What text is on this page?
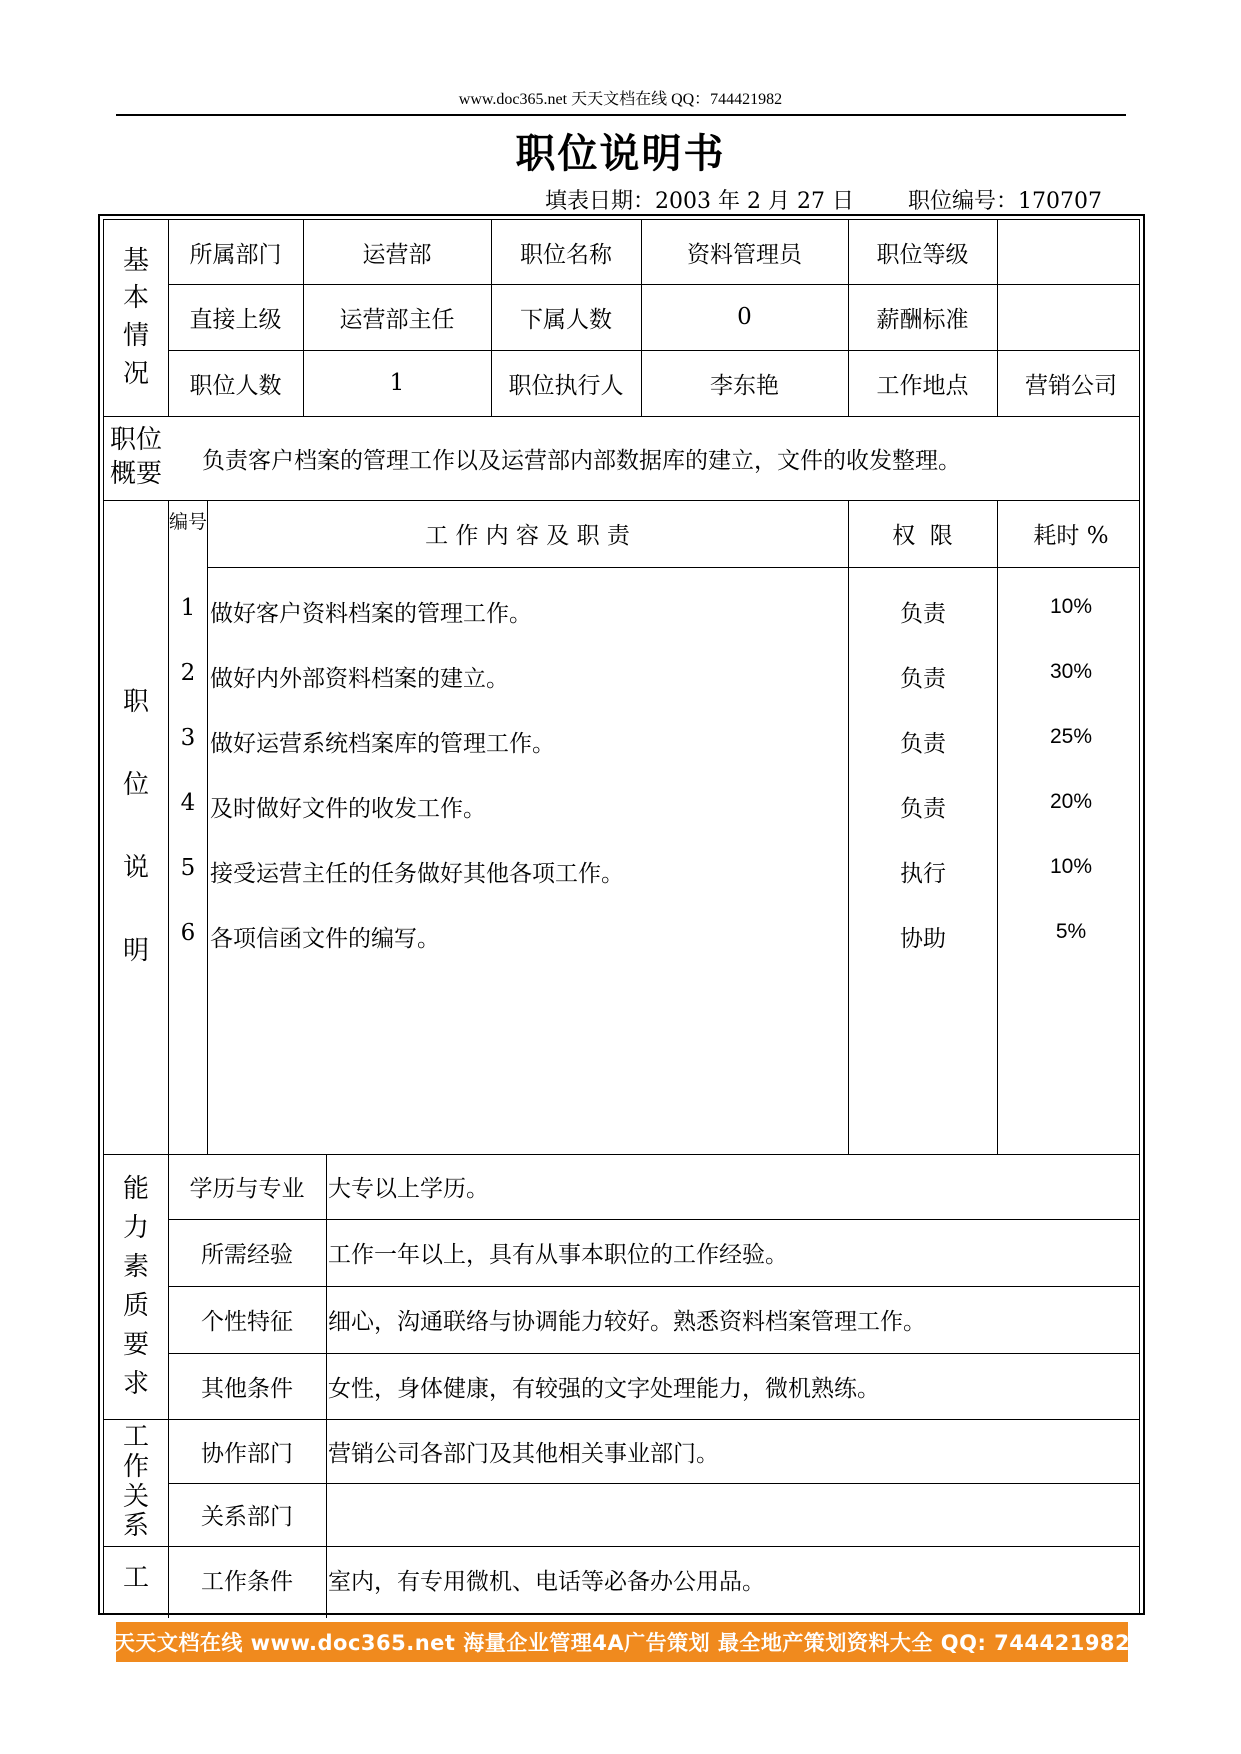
www.doc365.net 天天文档在线 QQ：744421982
职位说明书
填表日期：2003 年 2 月 27 日 职位编号：170707
基
本
情
况
所属部门	运营部	职位名称	资料管理员	职位等级
直接上级	运营部主任	下属人数	0	薪酬标准
职位人数	1	职位执行人	李东艳	工作地点	营销公司
职位
概要 负责客户档案的管理工作以及运营部内部数据库的建立，文件的收发整理。
职
位
说
明
编号
工 作 内 容 及 职 责	权  限	耗时 %
1 做好客户资料档案的管理工作。	负责	10%
2 做好内外部资料档案的建立。	负责	30%
3 做好运营系统档案库的管理工作。	负责	25%
4 及时做好文件的收发工作。	负责	20%
5 接受运营主任的任务做好其他各项工作。	执行	10%
6 各项信函文件的编写。	协助	5%
能
力
素
质
要
求
学历与专业	大专以上学历。
所需经验	工作一年以上，具有从事本职位的工作经验。
个性特征	细心，沟通联络与协调能力较好。熟悉资料档案管理工作。
其他条件	女性，身体健康，有较强的文字处理能力，微机熟练。
工
作
关
系
协作部门	营销公司各部门及其他相关事业部门。
关系部门
工	工作条件	室内，有专用微机、电话等必备办公用品。
天天文档在线 www.doc365.net 海量企业管理4A广告策划 最全地产策划资料大全 QQ: 744421982
